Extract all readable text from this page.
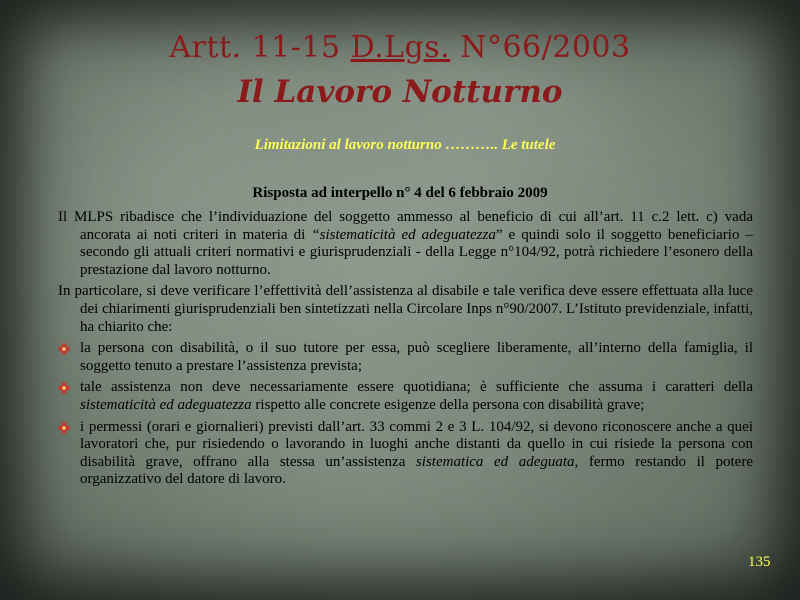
Artt. 11-15 D.Lgs. N°66/2003
Il Lavoro Notturno
Limitazioni al lavoro notturno ……….. Le tutele
Risposta ad interpello n° 4 del 6 febbraio 2009

Il MLPS ribadisce che l’individuazione del soggetto ammesso al beneficio di cui all’art. 11 c.2 lett. c) vada ancorata ai noti criteri in materia di “sistematicità ed adeguatezza” e quindi solo il soggetto beneficiario – secondo gli attuali criteri normativi e giurisprudenziali - della Legge n°104/92, potrà richiedere l’esonero della prestazione dal lavoro notturno.

In particolare, si deve verificare l’effettività dell’assistenza al disabile e tale verifica deve essere effettuata alla luce dei chiarimenti giurisprudenziali ben sintetizzati nella Circolare Inps n°90/2007. L’Istituto previdenziale, infatti, ha chiarito che:

la persona con disabilità, o il suo tutore per essa, può scegliere liberamente, all’interno della famiglia, il soggetto tenuto a prestare l’assistenza prevista;
tale assistenza non deve necessariamente essere quotidiana; è sufficiente che assuma i caratteri della sistematicità ed adeguatezza rispetto alle concrete esigenze della persona con disabilità grave;
i permessi (orari e giornalieri) previsti dall’art. 33 commi 2 e 3 L. 104/92, si devono riconoscere anche a quei lavoratori che, pur risiedendo o lavorando in luoghi anche distanti da quello in cui risiede la persona con disabilità grave, offrano alla stessa un’assistenza sistematica ed adeguata, fermo restando il potere organizzativo del datore di lavoro.
135
